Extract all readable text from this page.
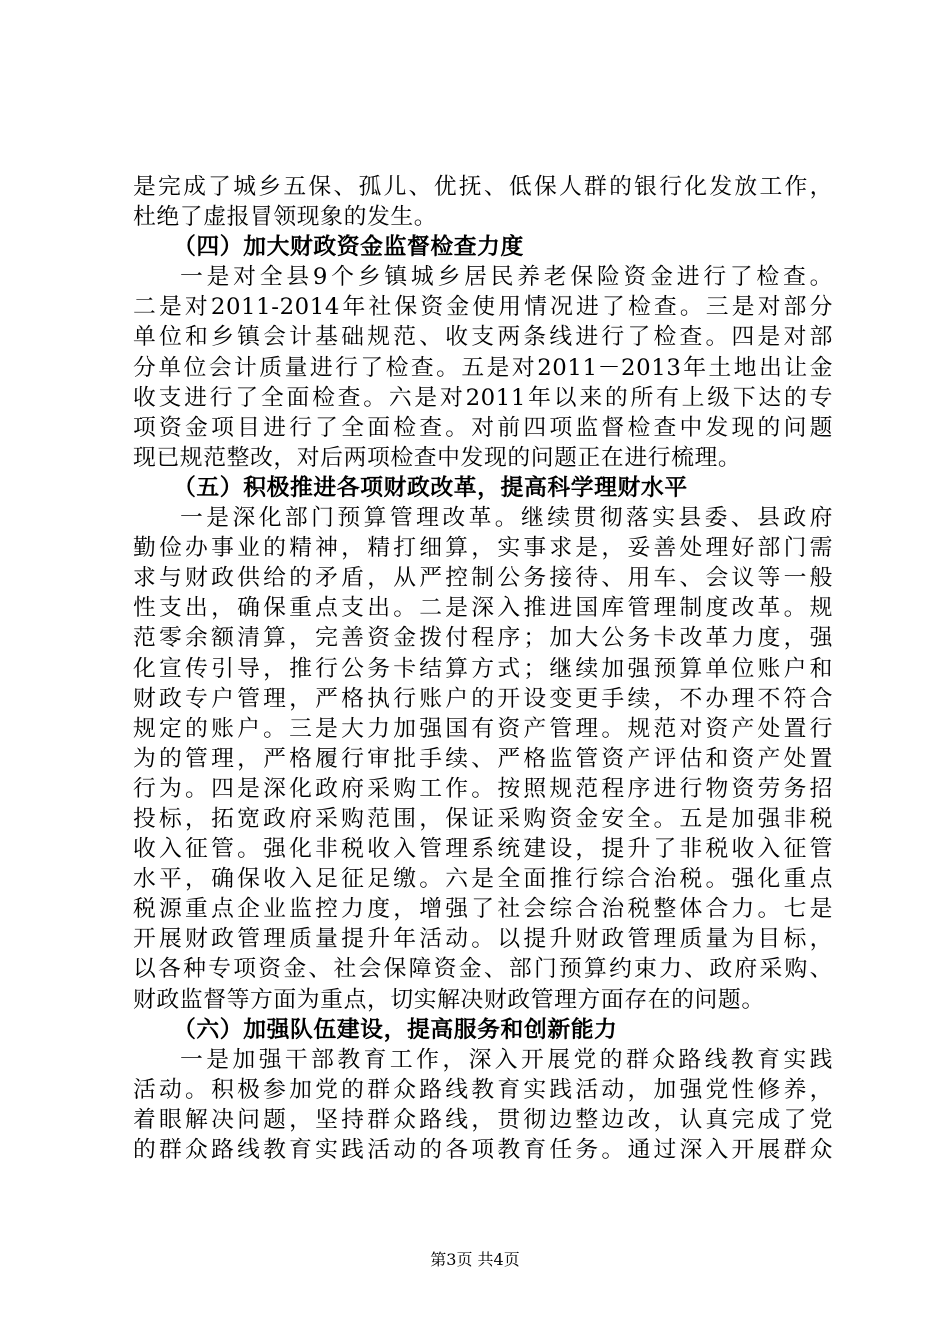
是完成了城乡五保、孤儿、优抚、低保人群的银行化发放工作，
杜绝了虚报冒领现象的发生。
（四）加大财政资金监督检查力度
一是对全县9个乡镇城乡居民养老保险资金进行了检查。
二是对2011-2014年社保资金使用情况进了检查。三是对部分
单位和乡镇会计基础规范、收支两条线进行了检查。四是对部
分单位会计质量进行了检查。五是对2011－2013年土地出让金
收支进行了全面检查。六是对2011年以来的所有上级下达的专
项资金项目进行了全面检查。对前四项监督检查中发现的问题
现已规范整改，对后两项检查中发现的问题正在进行梳理。
（五）积极推进各项财政改革，提高科学理财水平
一是深化部门预算管理改革。继续贯彻落实县委、县政府
勤俭办事业的精神，精打细算，实事求是，妥善处理好部门需
求与财政供给的矛盾，从严控制公务接待、用车、会议等一般
性支出，确保重点支出。二是深入推进国库管理制度改革。规
范零余额清算，完善资金拨付程序；加大公务卡改革力度，强
化宣传引导，推行公务卡结算方式；继续加强预算单位账户和
财政专户管理，严格执行账户的开设变更手续，不办理不符合
规定的账户。三是大力加强国有资产管理。规范对资产处置行
为的管理，严格履行审批手续、严格监管资产评估和资产处置
行为。四是深化政府采购工作。按照规范程序进行物资劳务招
投标，拓宽政府采购范围，保证采购资金安全。五是加强非税
收入征管。强化非税收入管理系统建设，提升了非税收入征管
水平，确保收入足征足缴。六是全面推行综合治税。强化重点
税源重点企业监控力度，增强了社会综合治税整体合力。七是
开展财政管理质量提升年活动。以提升财政管理质量为目标，
以各种专项资金、社会保障资金、部门预算约束力、政府采购、
财政监督等方面为重点，切实解决财政管理方面存在的问题。
（六）加强队伍建设，提高服务和创新能力
一是加强干部教育工作，深入开展党的群众路线教育实践
活动。积极参加党的群众路线教育实践活动，加强党性修养，
着眼解决问题，坚持群众路线，贯彻边整边改，认真完成了党
的群众路线教育实践活动的各项教育任务。通过深入开展群众
第3页 共4页
